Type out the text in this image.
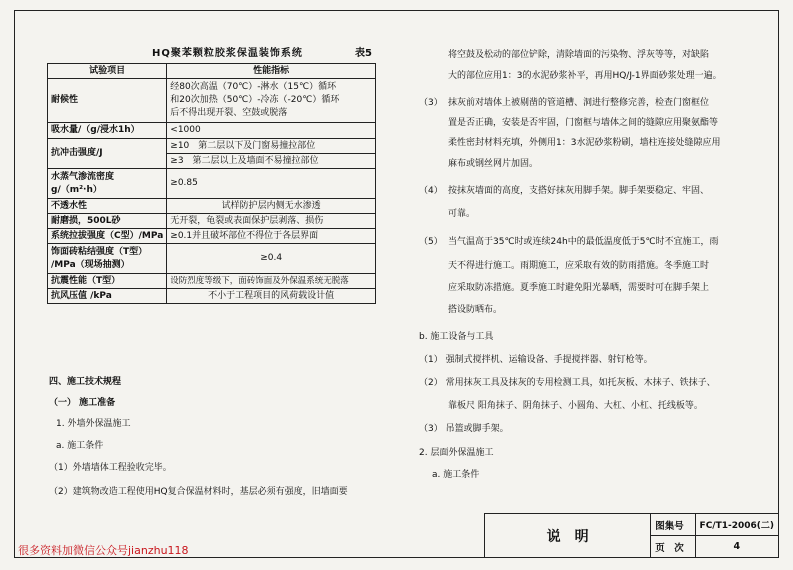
HQ聚苯颗粒胶浆保温装饰系统	表5
试验项目	性能指标
耐候性	经80次高温（70℃）-淋水（15℃）循环
和20次加热（50℃）-冷冻（-20℃）循环
后不得出现开裂、空鼓或脱落
吸水量/（g/浸水1h）	<1000
抗冲击强度/J	≥10　第二层以下及门窗易撞拉部位
	≥3　第二层以上及墙面不易撞拉部位
水蒸气渗流密度
g/（m²·h）	≥0.85
不透水性	试样防护层内侧无水渗透
耐磨损，500L砂	无开裂，龟裂或表面保护层剥落、损伤
系统拉拔强度（C型）/MPa	≥0.1并且破坏部位不得位于各层界面
饰面砖粘结强度（T型）
/MPa（现场抽测）	≥0.4
抗震性能（T型）	设防烈度等级下，面砖饰面及外保温系统无脱落
抗风压值 /kPa	不小于工程项目的风荷载设计值
四、施工技术规程
（一） 施工准备
1. 外墙外保温施工
a. 施工条件
（1）外墙墙体工程验收完毕。
（2）建筑物改造工程使用HQ复合保温材料时，基层必须有强度，旧墙面要
将空鼓及松动的部位铲除，清除墙面的污染物、浮灰等等，对缺陷
大的部位应用1：3的水泥砂浆补平，再用HQ/J-1界面砂浆处理一遍。
（3） 抹灰前对墙体上被剔凿的管道槽、洞进行整修完善，检查门窗框位
置是否正确，安装是否牢固，门窗框与墙体之间的缝隙应用聚氨酯等
柔性密封材料充填，外侧用1：3水泥砂浆粉刷，墙柱连接处缝隙应用
麻布或钢丝网片加固。
（4） 按抹灰墙面的高度，支搭好抹灰用脚手架。脚手架要稳定、牢固、
可靠。
（5） 当气温高于35℃时或连续24h中的最低温度低于5℃时不宜施工，雨
天不得进行施工。雨期施工，应采取有效的防雨措施。冬季施工时
应采取防冻措施。夏季施工时避免阳光暴晒，需要时可在脚手架上
搭设防晒布。
b. 施工设备与工具
（1） 强制式搅拌机、运输设备、手提搅拌器、射钉枪等。
（2） 常用抹灰工具及抹灰的专用检测工具，如托灰板、木抹子、铁抹子、
靠板尺 阳角抹子、阴角抹子、小圆角、大杠、小杠、托线板等。
（3） 吊篮或脚手架。
2. 层面外保温施工
a. 施工条件
说　明	图集号	FC/T1-2006(二)
	页　次	4
很多资料加微信公众号jianzhu118
